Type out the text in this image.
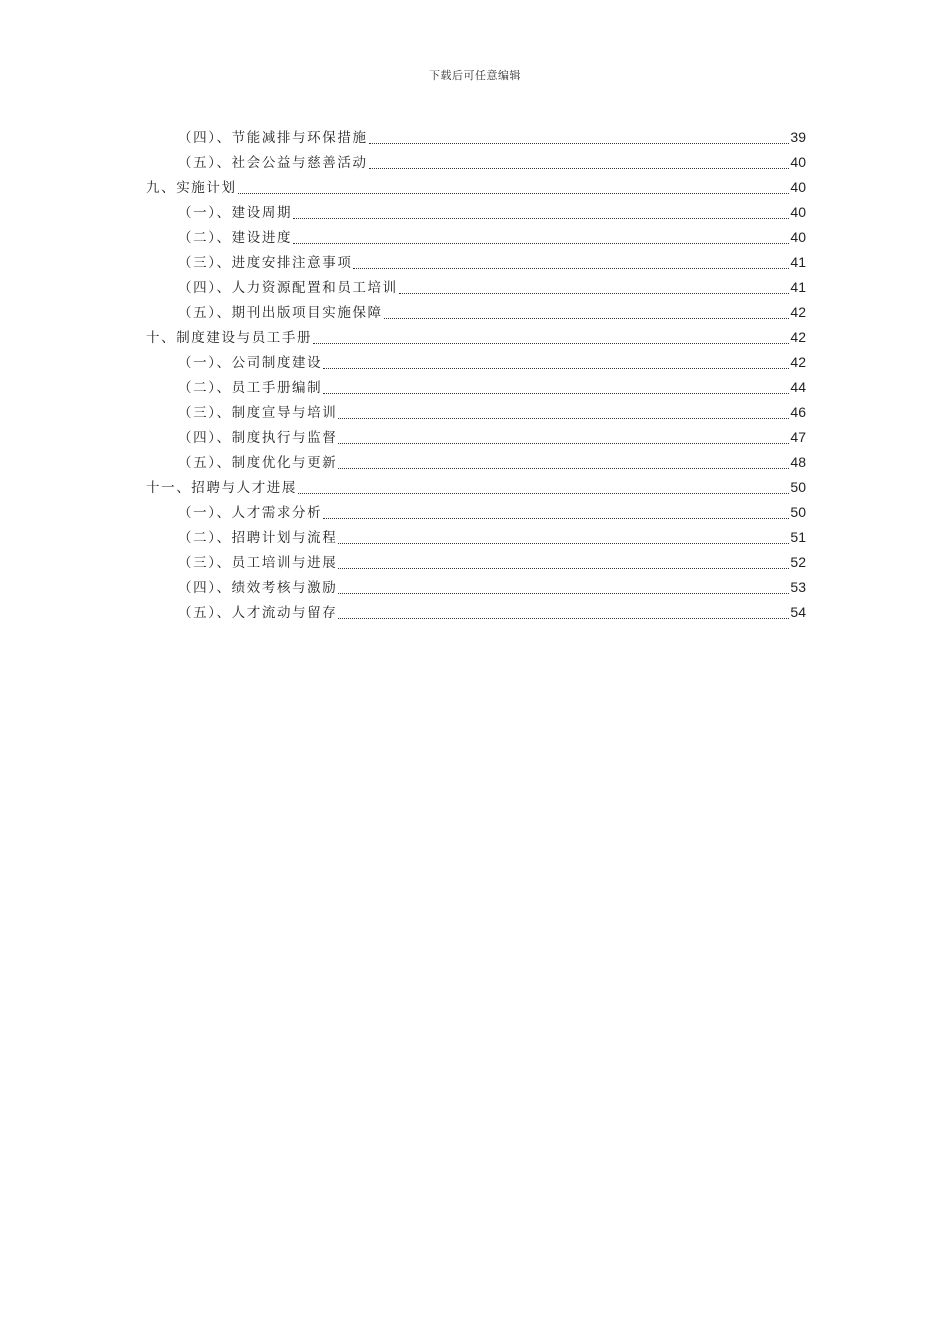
下载后可任意编辑
（四）、节能减排与环保措施	39
（五）、社会公益与慈善活动	40
九、实施计划	40
（一）、建设周期	40
（二）、建设进度	40
（三）、进度安排注意事项	41
（四）、人力资源配置和员工培训	41
（五）、期刊出版项目实施保障	42
十、制度建设与员工手册	42
（一）、公司制度建设	42
（二）、员工手册编制	44
（三）、制度宣导与培训	46
（四）、制度执行与监督	47
（五）、制度优化与更新	48
十一、招聘与人才进展	50
（一）、人才需求分析	50
（二）、招聘计划与流程	51
（三）、员工培训与进展	52
（四）、绩效考核与激励	53
（五）、人才流动与留存	54
